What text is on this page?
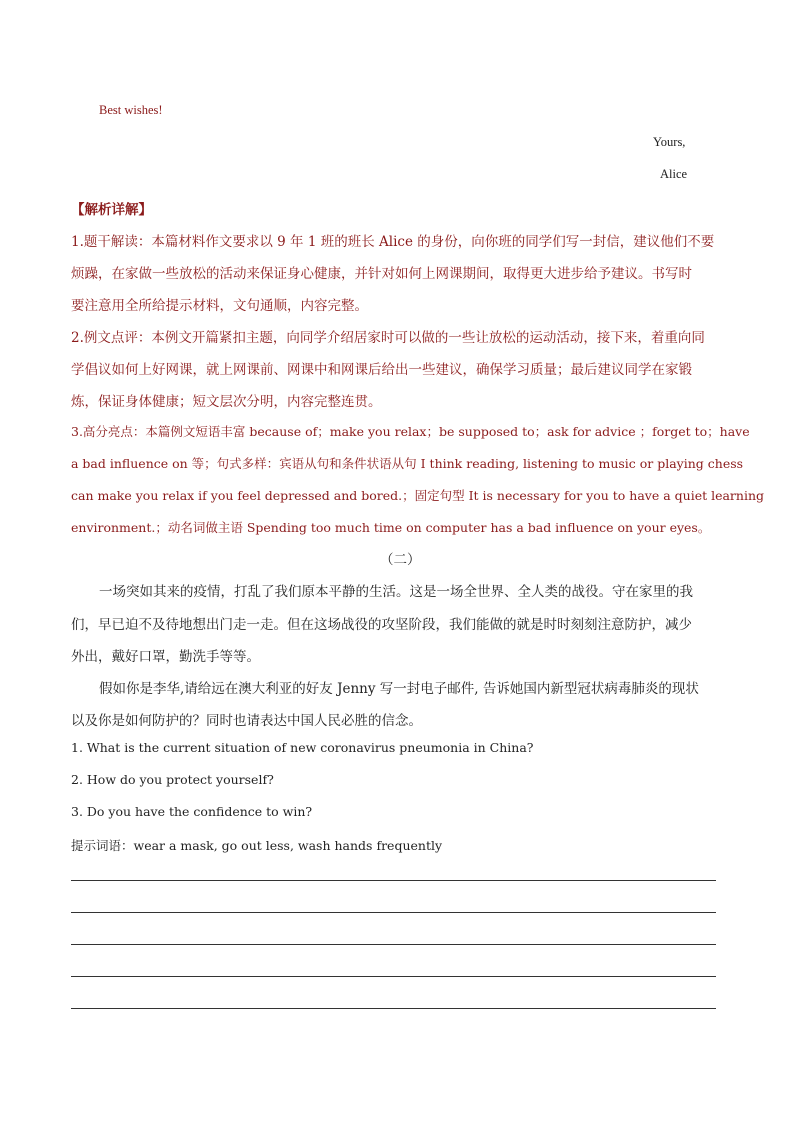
Best wishes!
Yours,
Alice
【解析详解】
1.题干解读：本篇材料作文要求以 9 年 1 班的班长 Alice 的身份，向你班的同学们写一封信，建议他们不要
烦躁，在家做一些放松的活动来保证身心健康，并针对如何上网课期间，取得更大进步给予建议。书写时
要注意用全所给提示材料，文句通顺，内容完整。
2.例文点评：本例文开篇紧扣主题，向同学介绍居家时可以做的一些让放松的运动活动，接下来，着重向同
学倡议如何上好网课，就上网课前、网课中和网课后给出一些建议，确保学习质量；最后建议同学在家锻
炼，保证身体健康；短文层次分明，内容完整连贯。
3.高分亮点：本篇例文短语丰富 because of；make you relax；be supposed to；ask for advice ；forget to；have
a bad influence on 等；句式多样：宾语从句和条件状语从句 I think reading, listening to music or playing chess
can make you relax if you feel depressed and bored.；固定句型 It is necessary for you to have a quiet learning
environment.；动名词做主语 Spending too much time on computer has a bad influence on your eyes。
（二）
一场突如其来的疫情，打乱了我们原本平静的生活。这是一场全世界、全人类的战役。守在家里的我
们，早已迫不及待地想出门走一走。但在这场战役的攻坚阶段，我们能做的就是时时刻刻注意防护，减少
外出，戴好口罩，勤洗手等等。
假如你是李华,请给远在澳大利亚的好友 Jenny 写一封电子邮件, 告诉她国内新型冠状病毒肺炎的现状
以及你是如何防护的？同时也请表达中国人民必胜的信念。
1. What is the current situation of new coronavirus pneumonia in China?
2. How do you protect yourself?
3. Do you have the confidence to win?
提示词语：wear a mask, go out less, wash hands frequently
